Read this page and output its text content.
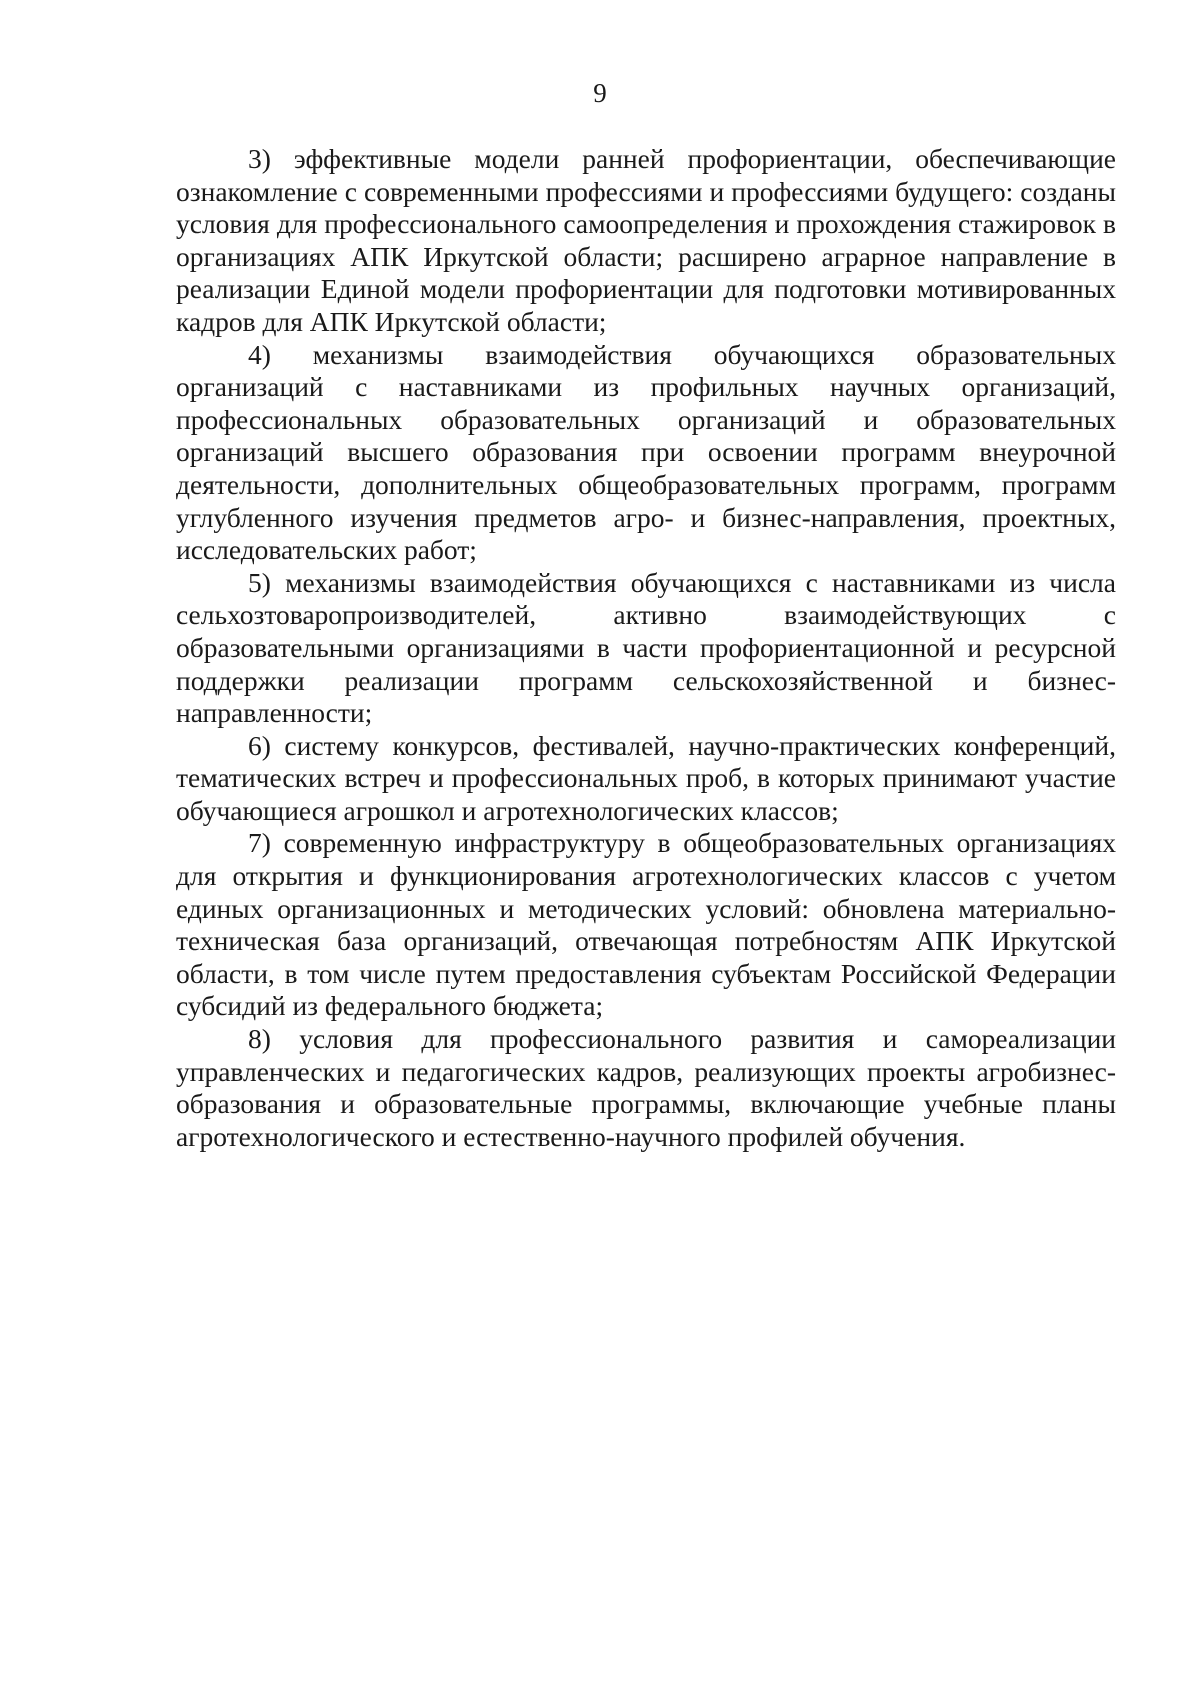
9

3) эффективные модели ранней профориентации, обеспечивающие ознакомление с современными профессиями и профессиями будущего: созданы условия для профессионального самоопределения и прохождения стажировок в организациях АПК Иркутской области; расширено аграрное направление в реализации Единой модели профориентации для подготовки мотивированных кадров для АПК Иркутской области;

4) механизмы взаимодействия обучающихся образовательных организаций с наставниками из профильных научных организаций, профессиональных образовательных организаций и образовательных организаций высшего образования при освоении программ внеурочной деятельности, дополнительных общеобразовательных программ, программ углубленного изучения предметов агро- и бизнес-направления, проектных, исследовательских работ;

5) механизмы взаимодействия обучающихся с наставниками из числа сельхозтоваропроизводителей, активно взаимодействующих с образовательными организациями в части профориентационной и ресурсной поддержки реализации программ сельскохозяйственной и бизнес-направленности;

6) систему конкурсов, фестивалей, научно-практических конференций, тематических встреч и профессиональных проб, в которых принимают участие обучающиеся агрошкол и агротехнологических классов;

7) современную инфраструктуру в общеобразовательных организациях для открытия и функционирования агротехнологических классов с учетом единых организационных и методических условий: обновлена материально-техническая база организаций, отвечающая потребностям АПК Иркутской области, в том числе путем предоставления субъектам Российской Федерации субсидий из федерального бюджета;

8) условия для профессионального развития и самореализации управленческих и педагогических кадров, реализующих проекты агробизнес-образования и образовательные программы, включающие учебные планы агротехнологического и естественно-научного профилей обучения.
